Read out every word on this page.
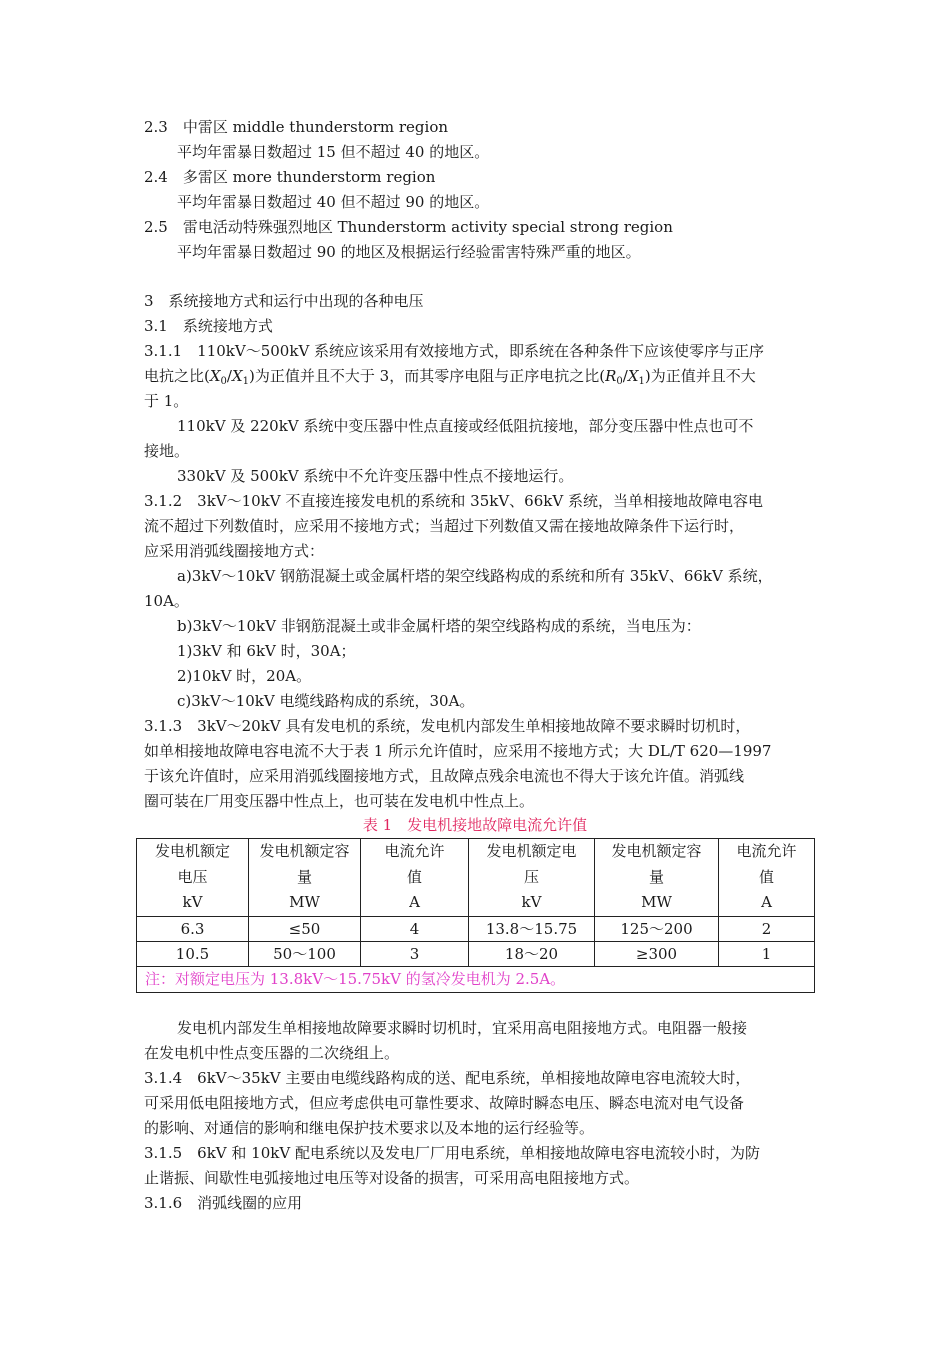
2.3　中雷区 middle thunderstorm region
平均年雷暴日数超过 15 但不超过 40 的地区。
2.4　多雷区 more thunderstorm region
平均年雷暴日数超过 40 但不超过 90 的地区。
2.5　雷电活动特殊强烈地区 Thunderstorm activity special strong region
平均年雷暴日数超过 90 的地区及根据运行经验雷害特殊严重的地区。
3　系统接地方式和运行中出现的各种电压
3.1　系统接地方式
3.1.1　110kV～500kV 系统应该采用有效接地方式，即系统在各种条件下应该使零序与正序
电抗之比$(X_0/X_1)$为正值并且不大于 3，而其零序电阻与正序电抗之比$(R_0/X_1)$为正值并且不大
于 1。
110kV 及 220kV 系统中变压器中性点直接或经低阻抗接地，部分变压器中性点也可不
接地。
330kV 及 500kV 系统中不允许变压器中性点不接地运行。
3.1.2　3kV～10kV 不直接连接发电机的系统和 35kV、66kV 系统，当单相接地故障电容电
流不超过下列数值时，应采用不接地方式；当超过下列数值又需在接地故障条件下运行时，
应采用消弧线圈接地方式：
a)3kV～10kV 钢筋混凝土或金属杆塔的架空线路构成的系统和所有 35kV、66kV 系统，
10A。
b)3kV～10kV 非钢筋混凝土或非金属杆塔的架空线路构成的系统，当电压为：
1)3kV 和 6kV 时，30A；
2)10kV 时，20A。
c)3kV～10kV 电缆线路构成的系统，30A。
3.1.3　3kV～20kV 具有发电机的系统，发电机内部发生单相接地故障不要求瞬时切机时，
如单相接地故障电容电流不大于表 1 所示允许值时，应采用不接地方式；大 DL/T 620—1997
于该允许值时，应采用消弧线圈接地方式，且故障点残余电流也不得大于该允许值。消弧线
圈可装在厂用变压器中性点上，也可装在发电机中性点上。
表 1　发电机接地故障电流允许值
发电机额定
电压
kV	发电机额定容
量
MW	电流允许
值
A	发电机额定电
压
kV	发电机额定容
量
MW	电流允许
值
A

6.3	≤50	4	13.8～15.75	125～200	2
10.5	50～100	3	18～20	≥300	1
注：对额定电压为 13.8kV～15.75kV 的氢冷发电机为 2.5A。					
发电机内部发生单相接地故障要求瞬时切机时，宜采用高电阻接地方式。电阻器一般接
在发电机中性点变压器的二次绕组上。
3.1.4　6kV～35kV 主要由电缆线路构成的送、配电系统，单相接地故障电容电流较大时，
可采用低电阻接地方式，但应考虑供电可靠性要求、故障时瞬态电压、瞬态电流对电气设备
的影响、对通信的影响和继电保护技术要求以及本地的运行经验等。
3.1.5　6kV 和 10kV 配电系统以及发电厂厂用电系统，单相接地故障电容电流较小时，为防
止谐振、间歇性电弧接地过电压等对设备的损害，可采用高电阻接地方式。
3.1.6　消弧线圈的应用
